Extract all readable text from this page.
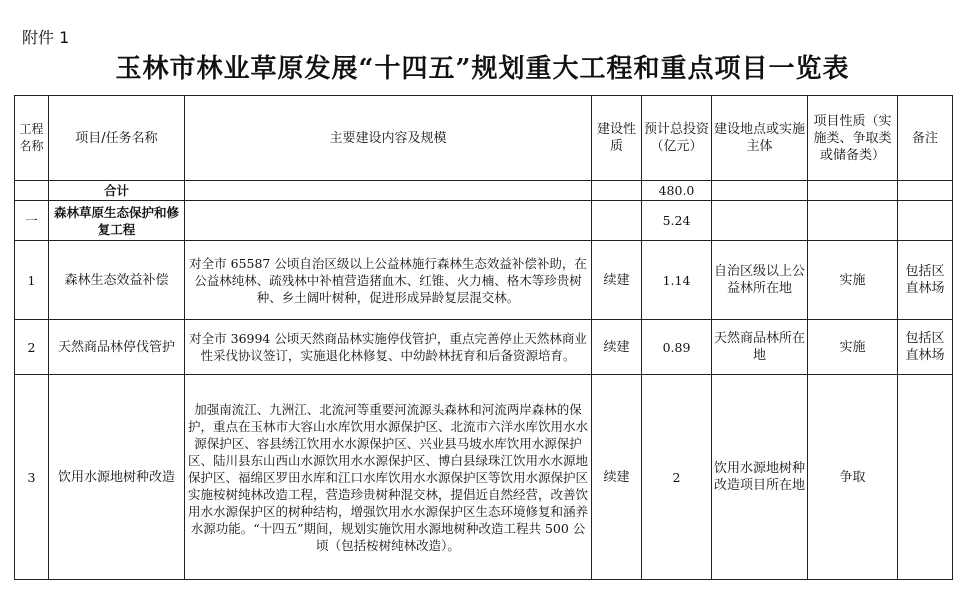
附件 1
玉林市林业草原发展“十四五”规划重大工程和重点项目一览表
工程名称	项目/任务名称	主要建设内容及规模	建设性质	预计总投资（亿元）	建设地点或实施主体	项目性质（实施类、争取类或储备类）	备注
	合计			480.0			
一	森林草原生态保护和修复工程			5.24			
1	森林生态效益补偿	对全市 65587 公顷自治区级以上公益林施行森林生态效益补偿补助，在公益林纯林、疏残林中补植营造猪血木、红锥、火力楠、格木等珍贵树种、乡土阔叶树种，促进形成异龄复层混交林。	续建	1.14	自治区级以上公益林所在地	实施	包括区直林场
2	天然商品林停伐管护	对全市 36994 公顷天然商品林实施停伐管护，重点完善停止天然林商业性采伐协议签订，实施退化林修复、中幼龄林抚育和后备资源培育。	续建	0.89	天然商品林所在地	实施	包括区直林场
3	饮用水源地树种改造	加强南流江、九洲江、北流河等重要河流源头森林和河流两岸森林的保护，重点在玉林市大容山水库饮用水源保护区、北流市六洋水库饮用水水源保护区、容县绣江饮用水水源保护区、兴业县马坡水库饮用水源保护区、陆川县东山西山水源饮用水水源保护区、博白县绿珠江饮用水水源地保护区、福绵区罗田水库和江口水库饮用水水源保护区等饮用水源保护区实施桉树纯林改造工程，营造珍贵树种混交林，提倡近自然经营，改善饮用水水源保护区的树种结构，增强饮用水水源保护区生态环境修复和涵养水源功能。“十四五”期间，规划实施饮用水源地树种改造工程共 500 公顷（包括桉树纯林改造）。	续建	2	饮用水源地树种改造项目所在地	争取	
